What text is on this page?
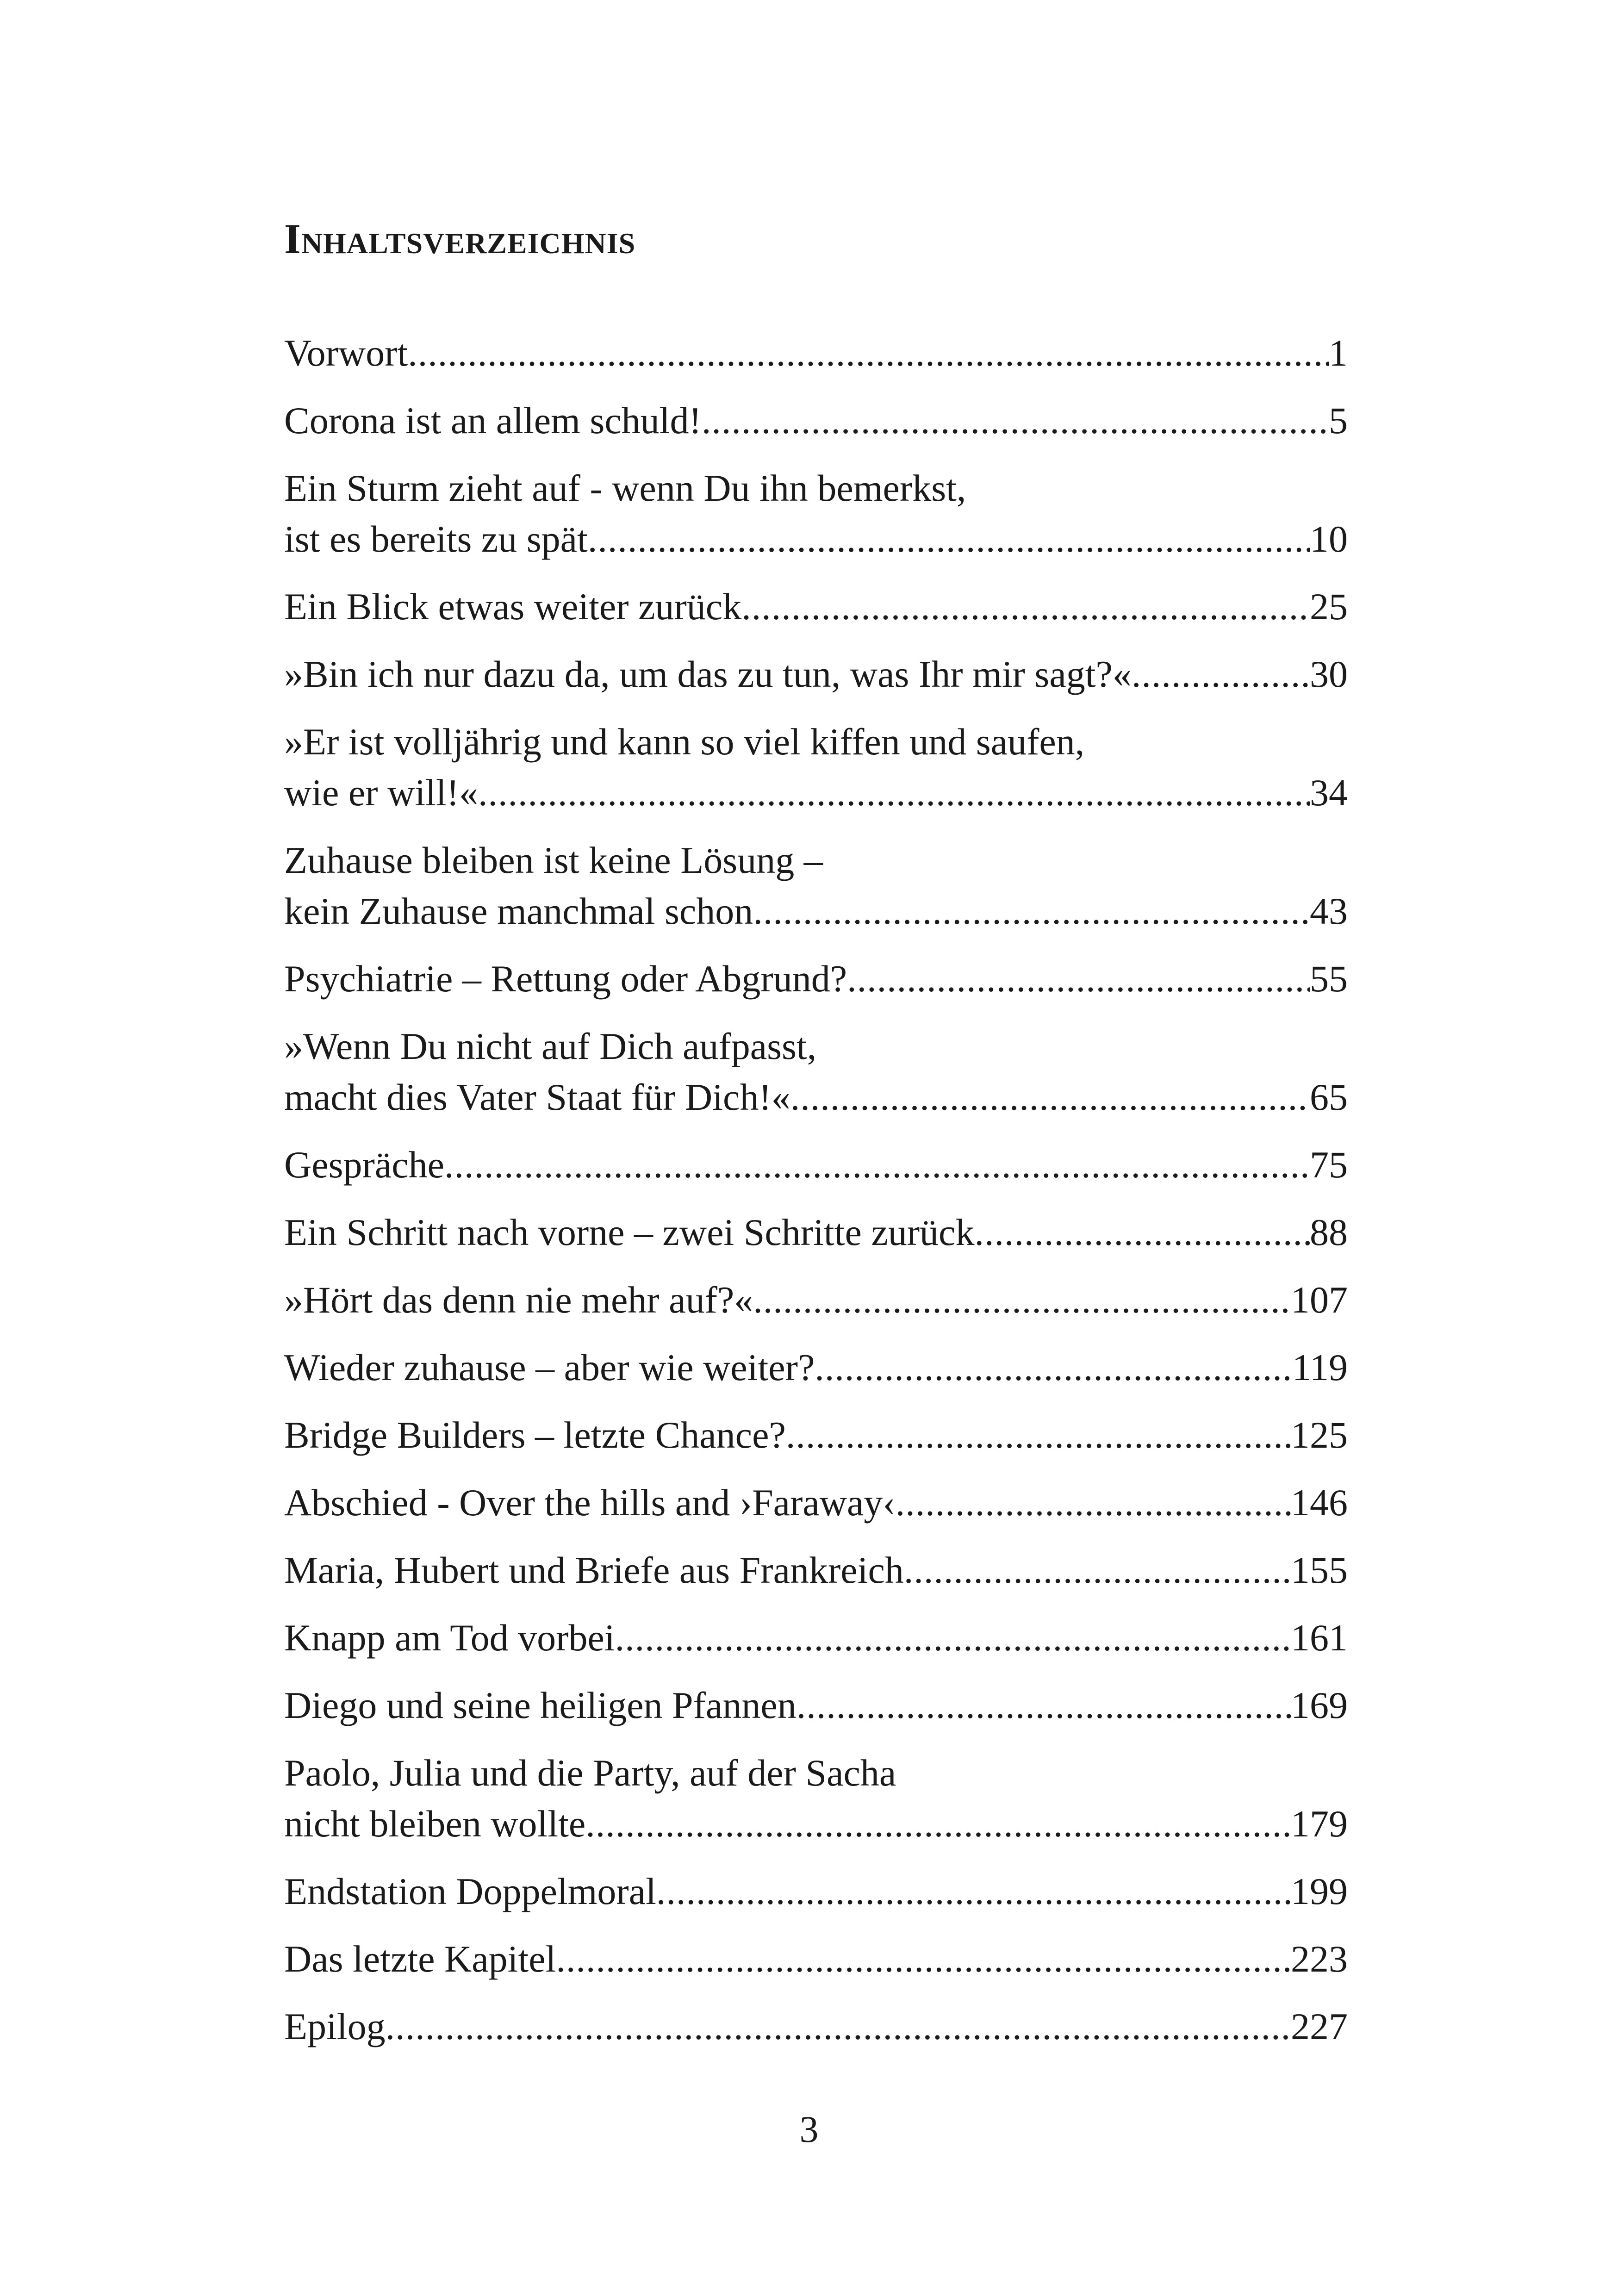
Inhaltsverzeichnis
Vorwort .....	1
Corona ist an allem schuld! .....	5
Ein Sturm zieht auf - wenn Du ihn bemerkst,
ist es bereits zu spät .....	10
Ein Blick etwas weiter zurück .....	25
»Bin ich nur dazu da, um das zu tun, was Ihr mir sagt?« .....	30
»Er ist volljährig und kann so viel kiffen und saufen,
wie er will!« .....	34
Zuhause bleiben ist keine Lösung –
kein Zuhause manchmal schon .....	43
Psychiatrie – Rettung oder Abgrund? .....	55
»Wenn Du nicht auf Dich aufpasst,
macht dies Vater Staat für Dich!« .....	65
Gespräche .....	75
Ein Schritt nach vorne – zwei Schritte zurück .....	88
»Hört das denn nie mehr auf?« .....	107
Wieder zuhause – aber wie weiter? .....	119
Bridge Builders – letzte Chance? .....	125
Abschied - Over the hills and ›Faraway‹ .....	146
Maria, Hubert und Briefe aus Frankreich .....	155
Knapp am Tod vorbei .....	161
Diego und seine heiligen Pfannen .....	169
Paolo, Julia und die Party, auf der Sacha
nicht bleiben wollte .....	179
Endstation Doppelmoral .....	199
Das letzte Kapitel .....	223
Epilog .....	227
3
